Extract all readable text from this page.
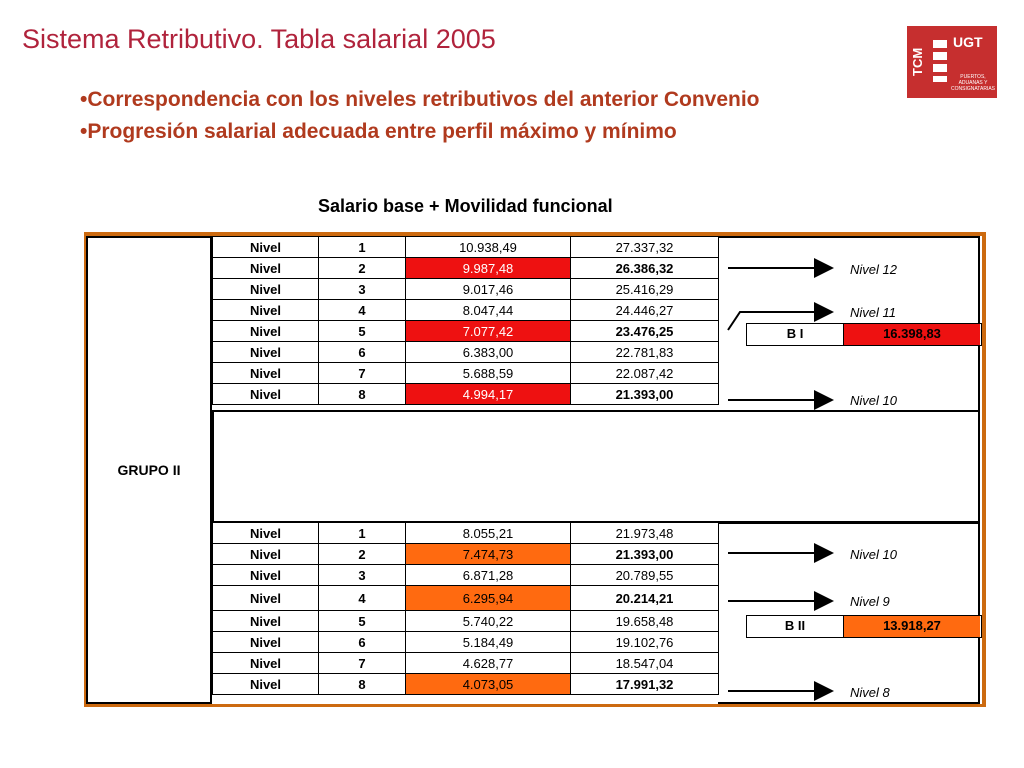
Sistema Retributivo. Tabla salarial 2005
•Correspondencia con los niveles retributivos del anterior Convenio
•Progresión salarial adecuada entre perfil máximo y mínimo
TCM
UGT
PUERTOS, ADUANAS Y CONSIGNATARIAS
Salario base + Movilidad funcional
GRUPO II
Nivel	1	10.938,49	27.337,32
Nivel	2	9.987,48	26.386,32
Nivel	3	9.017,46	25.416,29
Nivel	4	8.047,44	24.446,27
Nivel	5	7.077,42	23.476,25
Nivel	6	6.383,00	22.781,83
Nivel	7	5.688,59	22.087,42
Nivel	8	4.994,17	21.393,00
Nivel	1	8.055,21	21.973,48
Nivel	2	7.474,73	21.393,00
Nivel	3	6.871,28	20.789,55
Nivel	4	6.295,94	20.214,21
Nivel	5	5.740,22	19.658,48
Nivel	6	5.184,49	19.102,76
Nivel	7	4.628,77	18.547,04
Nivel	8	4.073,05	17.991,32
Nivel 12
Nivel 11
Nivel 10
B I	16.398,83
Nivel 10
Nivel 9
Nivel 8
B II	13.918,27
